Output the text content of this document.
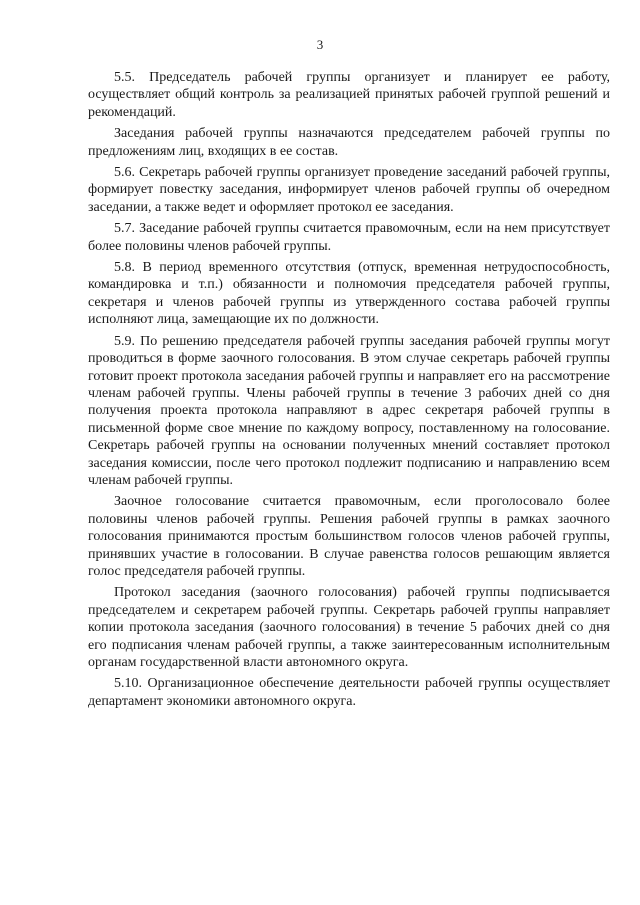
3

5.5. Председатель рабочей группы организует и планирует ее работу, осуществляет общий контроль за реализацией принятых рабочей группой решений и рекомендаций.

Заседания рабочей группы назначаются председателем рабочей группы по предложениям лиц, входящих в ее состав.

5.6. Секретарь рабочей группы организует проведение заседаний рабочей группы, формирует повестку заседания, информирует членов рабочей группы об очередном заседании, а также ведет и оформляет протокол ее заседания.

5.7. Заседание рабочей группы считается правомочным, если на нем присутствует более половины членов рабочей группы.

5.8. В период временного отсутствия (отпуск, временная нетрудоспособность, командировка и т.п.) обязанности и полномочия председателя рабочей группы, секретаря и членов рабочей группы из утвержденного состава рабочей группы исполняют лица, замещающие их по должности.

5.9. По решению председателя рабочей группы заседания рабочей группы могут проводиться в форме заочного голосования. В этом случае секретарь рабочей группы готовит проект протокола заседания рабочей группы и направляет его на рассмотрение членам рабочей группы. Члены рабочей группы в течение 3 рабочих дней со дня получения проекта протокола направляют в адрес секретаря рабочей группы в письменной форме свое мнение по каждому вопросу, поставленному на голосование. Секретарь рабочей группы на основании полученных мнений составляет протокол заседания комиссии, после чего протокол подлежит подписанию и направлению всем членам рабочей группы.

Заочное голосование считается правомочным, если проголосовало более половины членов рабочей группы. Решения рабочей группы в рамках заочного голосования принимаются простым большинством голосов членов рабочей группы, принявших участие в голосовании. В случае равенства голосов решающим является голос председателя рабочей группы.

Протокол заседания (заочного голосования) рабочей группы подписывается председателем и секретарем рабочей группы. Секретарь рабочей группы направляет копии протокола заседания (заочного голосования) в течение 5 рабочих дней со дня его подписания членам рабочей группы, а также заинтересованным исполнительным органам государственной власти автономного округа.

5.10. Организационное обеспечение деятельности рабочей группы осуществляет департамент экономики автономного округа.
